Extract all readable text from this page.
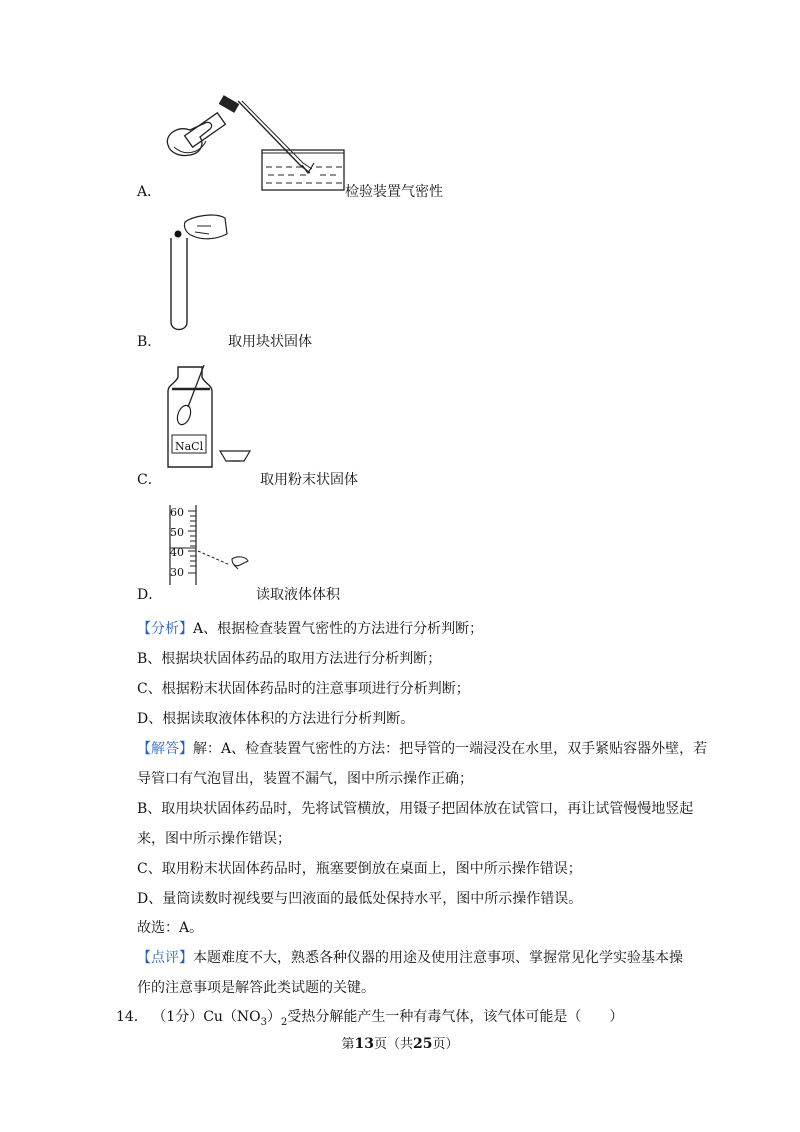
A．	检验装置气密性
B．	取用块状固体
C．
NaCl
取用粉末状固体
D．
60
50
40
30
读取液体体积
【分析】A、根据检查装置气密性的方法进行分析判断；
B、根据块状固体药品的取用方法进行分析判断；
C、根据粉末状固体药品时的注意事项进行分析判断；
D、根据读取液体体积的方法进行分析判断。
【解答】解：A、检查装置气密性的方法：把导管的一端浸没在水里，双手紧贴容器外壁，若
导管口有气泡冒出，装置不漏气，图中所示操作正确；
B、取用块状固体药品时，先将试管横放，用镊子把固体放在试管口，再让试管慢慢地竖起
来，图中所示操作错误；
C、取用粉末状固体药品时，瓶塞要倒放在桌面上，图中所示操作错误；
D、量筒读数时视线要与凹液面的最低处保持水平，图中所示操作错误。
故选：A。
【点评】本题难度不大，熟悉各种仪器的用途及使用注意事项、掌握常见化学实验基本操
作的注意事项是解答此类试题的关键。
14． （1分）$Cu(NO_3)_2$受热分解能产生一种有毒气体，该气体可能是（　　）
第13页（共25页）
